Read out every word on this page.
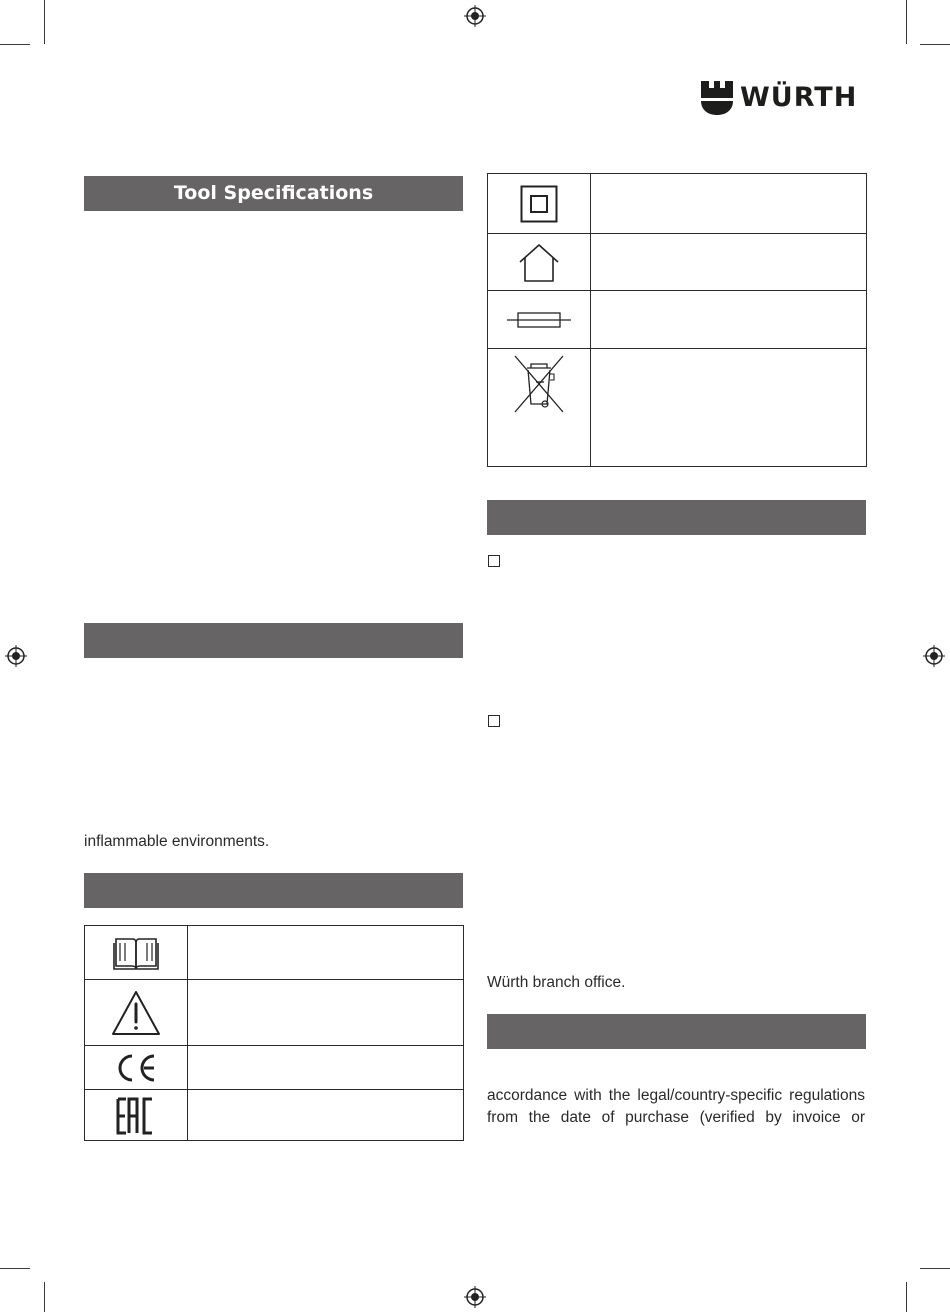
WÜRTH
Tool Specifications
inflammable environments.
Würth branch office.
accordance with the legal/country-specific regulations
from the date of purchase (verified by invoice or
